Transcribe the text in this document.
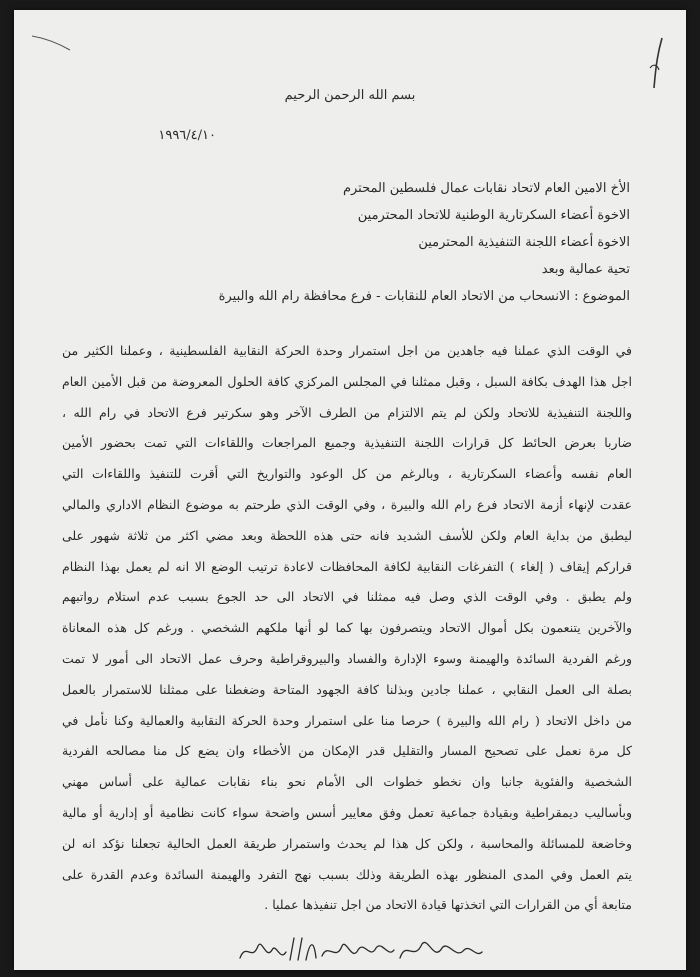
بسم الله الرحمن الرحيم
١٩٩٦/٤/١٠
الأخ الامين العام لاتحاد نقابات عمال فلسطين المحترم
الاخوة أعضاء السكرتارية الوطنية للاتحاد المحترمين
الاخوة أعضاء اللجنة التنفيذية المحترمين
تحية عمالية وبعد
الموضوع : الانسحاب من الاتحاد العام للنقابات - فرع محافظة رام الله والبيرة
في الوقت الذي عملنا فيه جاهدين من اجل استمرار وحدة الحركة النقابية الفلسطينية ، وعملنا الكثير من
اجل هذا الهدف بكافة السبل ، وقبل ممثلنا في المجلس المركزي كافة الحلول المعروضة من قبل الأمين العام
واللجنة التنفيذية للاتحاد ولكن لم يتم الالتزام من الطرف الآخر وهو سكرتير فرع الاتحاد في رام الله ،
ضاربا بعرض الحائط كل قرارات اللجنة التنفيذية وجميع المراجعات واللقاءات التي تمت بحضور الأمين
العام نفسه وأعضاء السكرتارية ، وبالرغم من كل الوعود والتواريخ التي أقرت للتنفيذ واللقاءات التي
عقدت لإنهاء أزمة الاتحاد فرع رام الله والبيرة ، وفي الوقت الذي طرحتم به موضوع النظام الاداري والمالي
ليطبق من بداية العام ولكن للأسف الشديد فانه حتى هذه اللحظة وبعد مضي اكثر من ثلاثة شهور على
قراركم إيقاف ( إلغاء ) التفرغات النقابية لكافة المحافظات لاعادة ترتيب الوضع الا انه لم يعمل بهذا النظام
ولم يطبق . وفي الوقت الذي وصل فيه ممثلنا في الاتحاد الى حد الجوع بسبب عدم استلام رواتبهم
والآخرين يتنعمون بكل أموال الاتحاد ويتصرفون بها كما لو أنها ملكهم الشخصي . ورغم كل هذه المعاناة
ورغم الفردية السائدة والهيمنة وسوء الإدارة والفساد والبيروقراطية وحرف عمل الاتحاد الى أمور لا تمت
بصلة الى العمل النقابي ، عملنا جادين وبذلنا كافة الجهود المتاحة وضغطنا على ممثلنا للاستمرار بالعمل
من داخل الاتحاد ( رام الله والبيرة ) حرصا منا على استمرار وحدة الحركة النقابية والعمالية وكنا نأمل في
كل مرة نعمل على تصحيح المسار والتقليل قدر الإمكان من الأخطاء وان يضع كل منا مصالحه الفردية
الشخصية والفئوية جانبا وان نخطو خطوات الى الأمام نحو بناء نقابات عمالية على أساس مهني
وبأساليب ديمقراطية وبقيادة جماعية تعمل وفق معايير أسس واضحة سواء كانت نظامية أو إدارية أو مالية
وخاضعة للمسائلة والمحاسبة ، ولكن كل هذا لم يحدث واستمرار طريقة العمل الحالية تجعلنا نؤكد انه لن
يتم العمل وفي المدى المنظور بهذه الطريقة وذلك بسبب نهج التفرد والهيمنة السائدة وعدم القدرة على
متابعة أي من القرارات التي اتخذتها قيادة الاتحاد من اجل تنفيذها عمليا .
